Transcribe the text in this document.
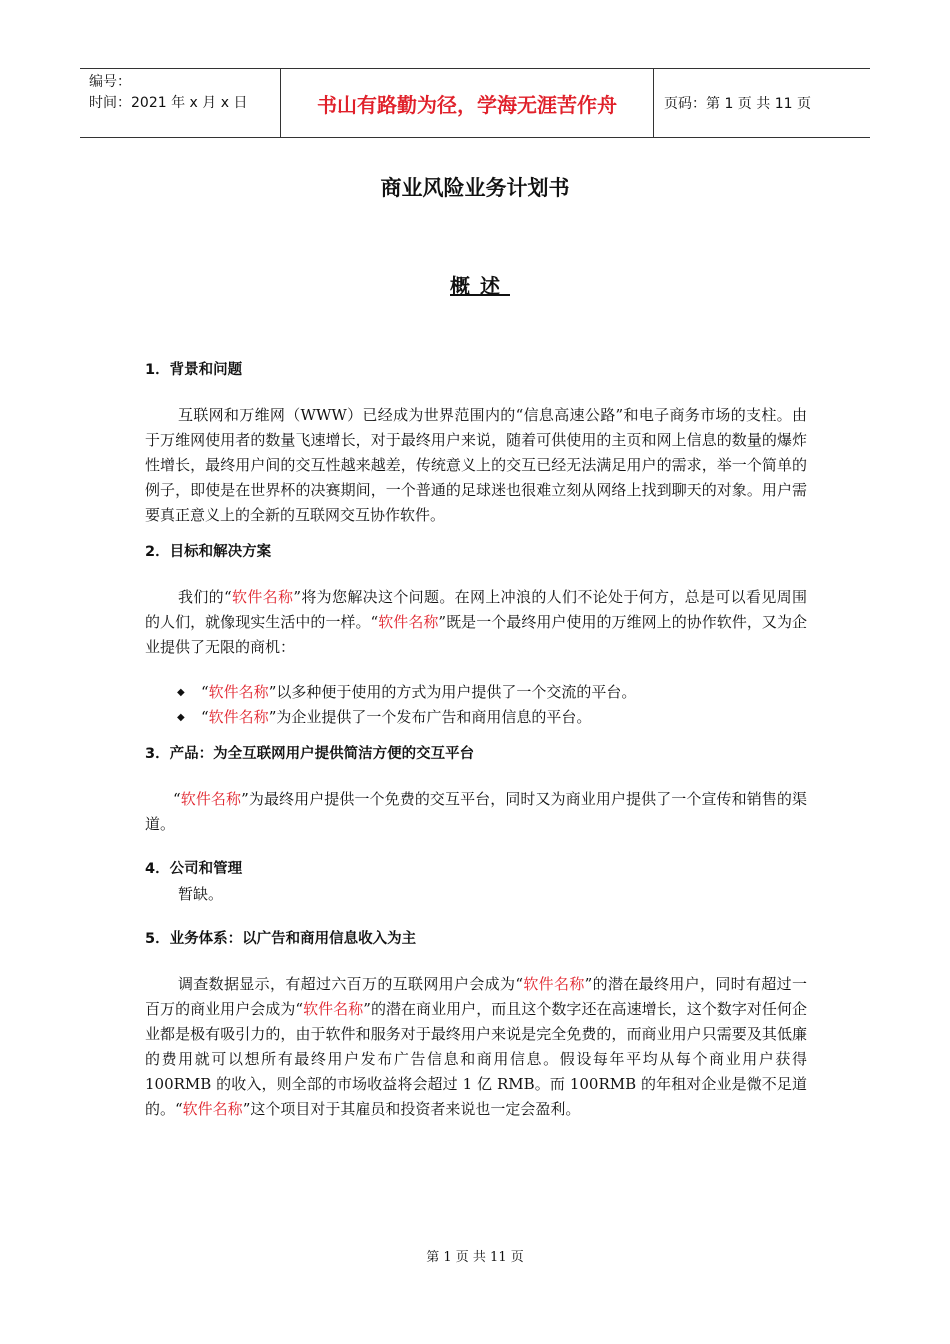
编号：
时间：2021 年 x 月 x 日	书山有路勤为径，学海无涯苦作舟	页码：第 1 页 共 11 页
商业风险业务计划书
概述

1．背景和问题

互联网和万维网（WWW）已经成为世界范围内的“信息高速公路”和电子商务市场的支柱。由于万维网使用者的数量飞速增长，对于最终用户来说，随着可供使用的主页和网上信息的数量的爆炸性增长，最终用户间的交互性越来越差，传统意义上的交互已经无法满足用户的需求，举一个简单的例子，即使是在世界杯的决赛期间，一个普通的足球迷也很难立刻从网络上找到聊天的对象。用户需要真正意义上的全新的互联网交互协作软件。

2．目标和解决方案

我们的“软件名称”将为您解决这个问题。在网上冲浪的人们不论处于何方，总是可以看见周围的人们，就像现实生活中的一样。“软件名称”既是一个最终用户使用的万维网上的协作软件，又为企业提供了无限的商机：

◆ “软件名称”以多种便于使用的方式为用户提供了一个交流的平台。

◆ “软件名称”为企业提供了一个发布广告和商用信息的平台。

3．产品：为全互联网用户提供简洁方便的交互平台

“软件名称”为最终用户提供一个免费的交互平台，同时又为商业用户提供了一个宣传和销售的渠道。

4．公司和管理

暂缺。

5．业务体系：以广告和商用信息收入为主

调查数据显示，有超过六百万的互联网用户会成为“软件名称”的潜在最终用户，同时有超过一百万的商业用户会成为“软件名称”的潜在商业用户，而且这个数字还在高速增长，这个数字对任何企业都是极有吸引力的，由于软件和服务对于最终用户来说是完全免费的，而商业用户只需要及其低廉的费用就可以想所有最终用户发布广告信息和商用信息。假设每年平均从每个商业用户获得 100RMB 的收入，则全部的市场收益将会超过 1 亿 RMB。而 100RMB 的年租对企业是微不足道的。“软件名称”这个项目对于其雇员和投资者来说也一定会盈利。

第 1 页 共 11 页
